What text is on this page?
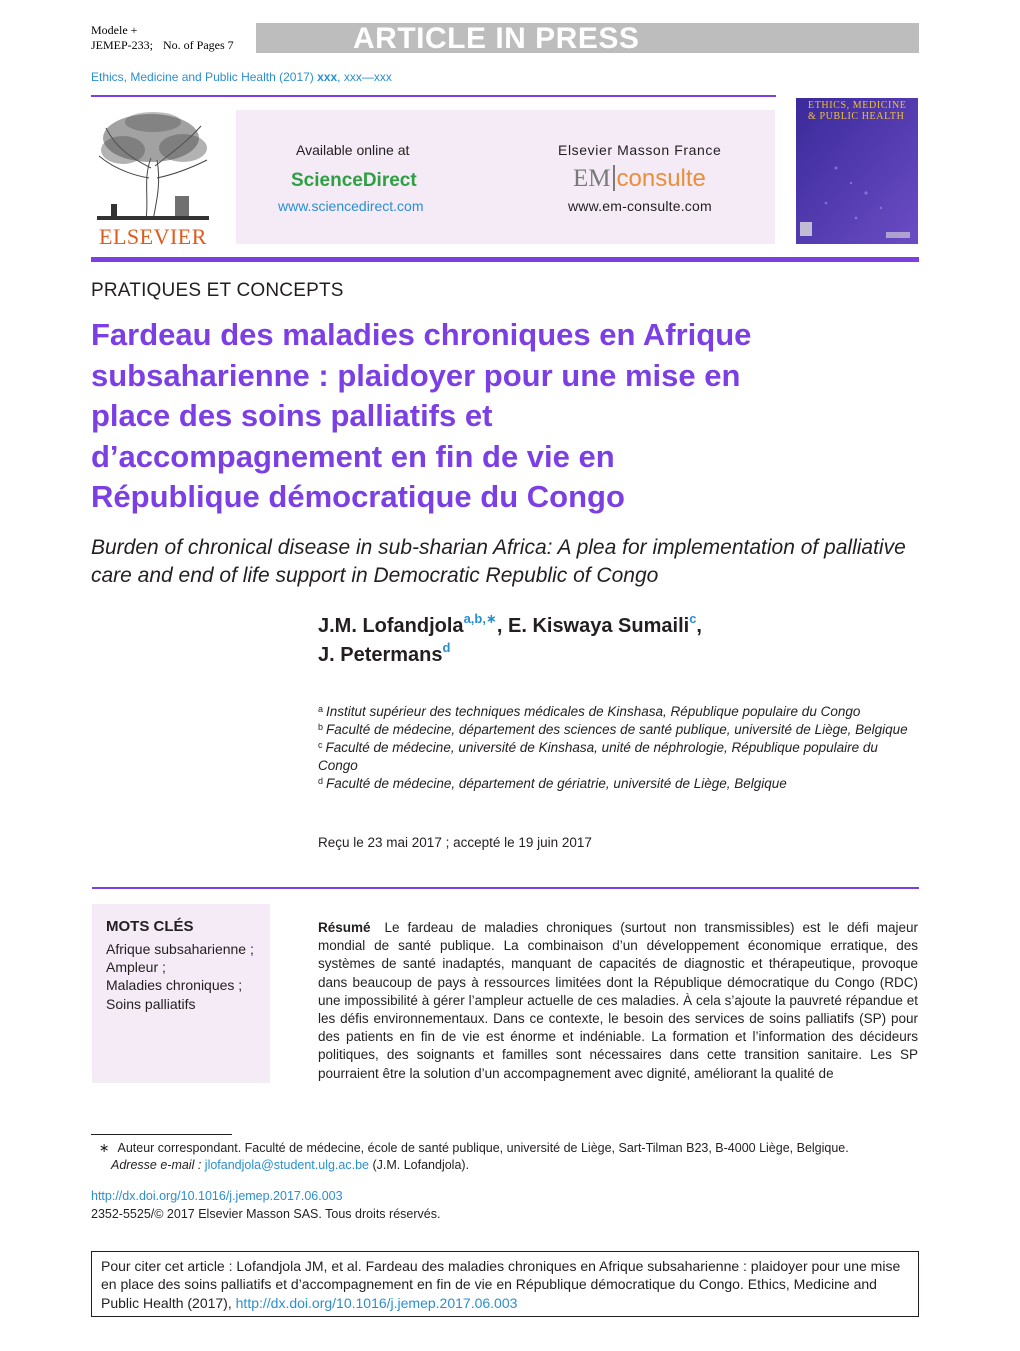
Modele +
JEMEP-233; No. of Pages 7	ARTICLE IN PRESS
Ethics, Medicine and Public Health (2017) xxx, xxx—xxx
ELSEVIER
Available online at
ScienceDirect
www.sciencedirect.com
Elsevier Masson France
EM consulte
www.em-consulte.com
ETHICS, MEDICINE & PUBLIC HEALTH
PRATIQUES ET CONCEPTS
Fardeau des maladies chroniques en Afrique subsaharienne : plaidoyer pour une mise en place des soins palliatifs et d’accompagnement en fin de vie en République démocratique du Congo
Burden of chronical disease in sub-sharian Africa: A plea for implementation of palliative care and end of life support in Democratic Republic of Congo
J.M. Lofandjola$^{a,b,∗}$, E. Kiswaya Sumaili$^c$,
J. Petermans$^d$

$^a$ Institut supérieur des techniques médicales de Kinshasa, République populaire du Congo

$^b$ Faculté de médecine, département des sciences de santé publique, université de Liège, Belgique

$^c$ Faculté de médecine, université de Kinshasa, unité de néphrologie, République populaire du Congo

$^d$ Faculté de médecine, département de gériatrie, université de Liège, Belgique

Reçu le 23 mai 2017 ; accepté le 19 juin 2017
MOTS CLÉS
Afrique subsaharienne ;
Ampleur ;
Maladies chroniques ;
Soins palliatifs
Résumé Le fardeau de maladies chroniques (surtout non transmissibles) est le défi majeur mondial de santé publique. La combinaison d’un développement économique erratique, des systèmes de santé inadaptés, manquant de capacités de diagnostic et thérapeutique, provoque dans beaucoup de pays à ressources limitées dont la République démocratique du Congo (RDC) une impossibilité à gérer l’ampleur actuelle de ces maladies. À cela s’ajoute la pauvreté répandue et les défis environnementaux. Dans ce contexte, le besoin des services de soins palliatifs (SP) pour des patients en fin de vie est énorme et indéniable. La formation et l’information des décideurs politiques, des soignants et familles sont nécessaires dans cette transition sanitaire. Les SP pourraient être la solution d’un accompagnement avec dignité, améliorant la qualité de
∗ Auteur correspondant. Faculté de médecine, école de santé publique, université de Liège, Sart-Tilman B23, B-4000 Liège, Belgique.
Adresse e-mail : jlofandjola@student.ulg.ac.be (J.M. Lofandjola).
http://dx.doi.org/10.1016/j.jemep.2017.06.003
2352-5525/© 2017 Elsevier Masson SAS. Tous droits réservés.
Pour citer cet article : Lofandjola JM, et al. Fardeau des maladies chroniques en Afrique subsaharienne : plaidoyer pour une mise en place des soins palliatifs et d’accompagnement en fin de vie en République démocratique du Congo. Ethics, Medicine and Public Health (2017), http://dx.doi.org/10.1016/j.jemep.2017.06.003
